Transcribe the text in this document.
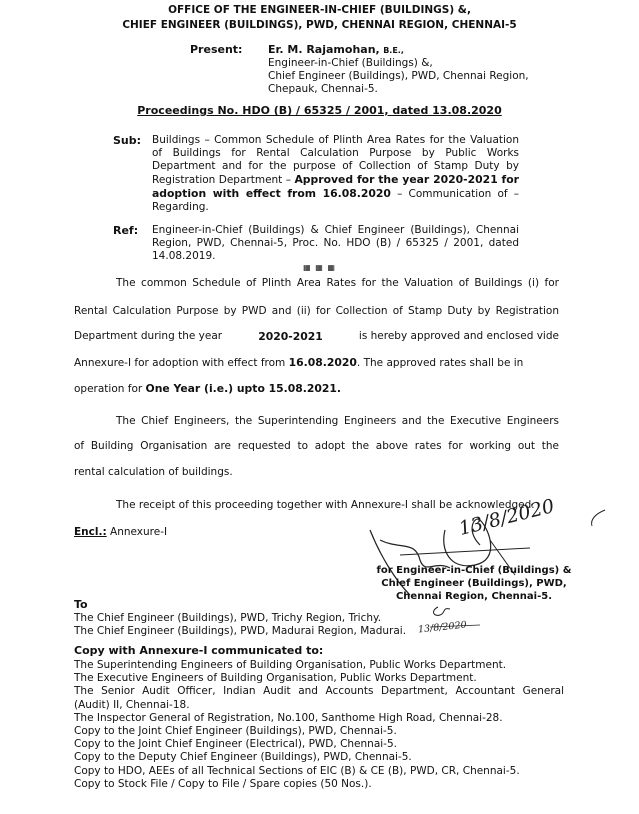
OFFICE OF THE ENGINEER-IN-CHIEF (BUILDINGS) &,
CHIEF ENGINEER (BUILDINGS), PWD, CHENNAI REGION, CHENNAI-5
Present: Er. M. Rajamohan, B.E.,
Engineer-in-Chief (Buildings) &,
Chief Engineer (Buildings), PWD, Chennai Region,
Chepauk, Chennai-5.
Proceedings No. HDO (B) / 65325 / 2001, dated 13.08.2020
Sub: Buildings – Common Schedule of Plinth Area Rates for the Valuation of Buildings for Rental Calculation Purpose by Public Works Department and for the purpose of Collection of Stamp Duty by Registration Department – Approved for the year 2020-2021 for adoption with effect from 16.08.2020 – Communication of – Regarding.
Ref: Engineer-in-Chief (Buildings) & Chief Engineer (Buildings), Chennai Region, PWD, Chennai-5, Proc. No. HDO (B) / 65325 / 2001, dated 14.08.2019.
▦ ▦ ▦
The common Schedule of Plinth Area Rates for the Valuation of Buildings (i) for
Rental Calculation Purpose by PWD and (ii) for Collection of Stamp Duty by Registration
Department during the year	2020-2021	is hereby approved and enclosed vide
Annexure-I for adoption with effect from 16.08.2020. The approved rates shall be in
operation for One Year (i.e.) upto 15.08.2021.
The Chief Engineers, the Superintending Engineers and the Executive Engineers
of Building Organisation are requested to adopt the above rates for working out the
rental calculation of buildings.
The receipt of this proceeding together with Annexure-I shall be acknowledged.
Encl.: Annexure-I	13/8/2020
for Engineer-in-Chief (Buildings) &
Chief Engineer (Buildings), PWD,
Chennai Region, Chennai-5.
13/8/2020
To
The Chief Engineer (Buildings), PWD, Trichy Region, Trichy.
The Chief Engineer (Buildings), PWD, Madurai Region, Madurai.
Copy with Annexure-I communicated to:
The Superintending Engineers of Building Organisation, Public Works Department.
The Executive Engineers of Building Organisation, Public Works Department.
The Senior Audit Officer, Indian Audit and Accounts Department, Accountant General
(Audit) II, Chennai-18.
The Inspector General of Registration, No.100, Santhome High Road, Chennai-28.
Copy to the Joint Chief Engineer (Buildings), PWD, Chennai-5.
Copy to the Joint Chief Engineer (Electrical), PWD, Chennai-5.
Copy to the Deputy Chief Engineer (Buildings), PWD, Chennai-5.
Copy to HDO, AEEs of all Technical Sections of EIC (B) & CE (B), PWD, CR, Chennai-5.
Copy to Stock File / Copy to File / Spare copies (50 Nos.).
